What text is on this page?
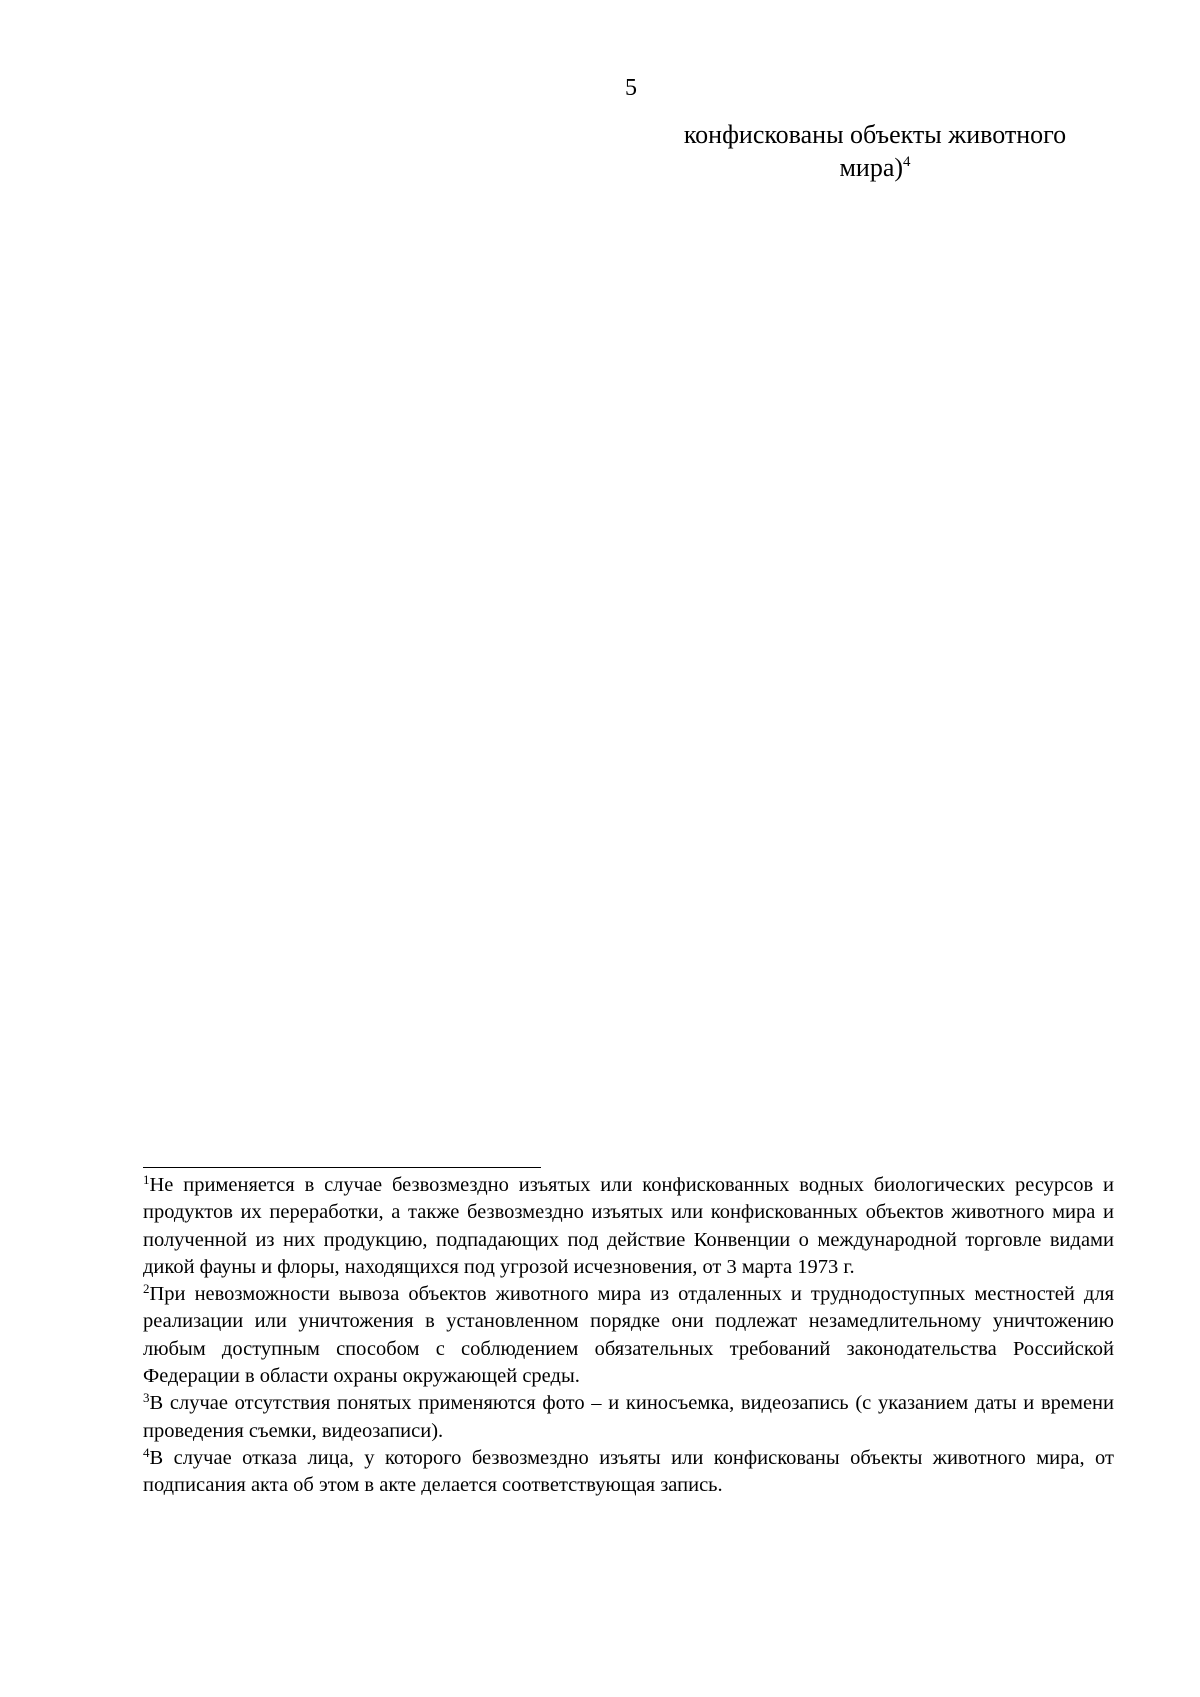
5
конфискованы объекты животного
мира)$^4$

$^1$Не применяется в случае безвозмездно изъятых или конфискованных водных биологических ресурсов и продуктов их переработки, а также безвозмездно изъятых или конфискованных объектов животного мира и полученной из них продукцию, подпадающих под действие Конвенции о международной торговле видами дикой фауны и флоры, находящихся под угрозой исчезновения, от 3 марта 1973 г.

$^2$При невозможности вывоза объектов животного мира из отдаленных и труднодоступных местностей для реализации или уничтожения в установленном порядке они подлежат незамедлительному уничтожению любым доступным способом с соблюдением обязательных требований законодательства Российской Федерации в области охраны окружающей среды.

$^3$В случае отсутствия понятых применяются фото – и киносъемка, видеозапись (с указанием даты и времени проведения съемки, видеозаписи).

$^4$В случае отказа лица, у которого безвозмездно изъяты или конфискованы объекты животного мира, от подписания акта об этом в акте делается соответствующая запись.
